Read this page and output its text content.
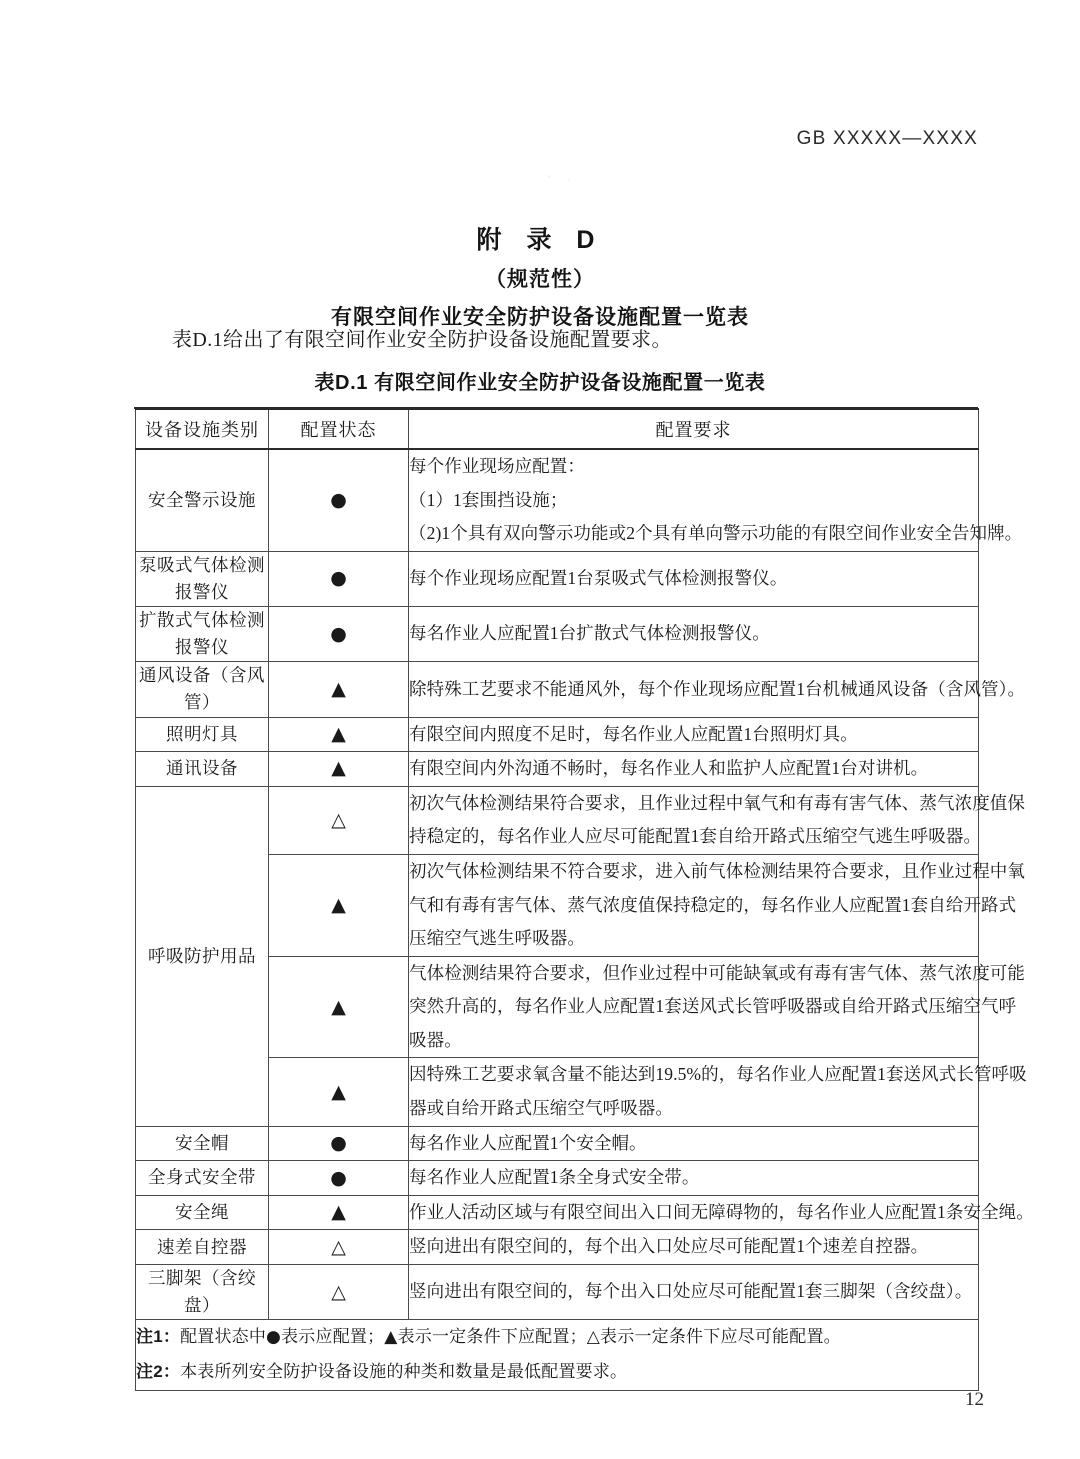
GB XXXXX—XXXX
附 录 D
（规范性）
有限空间作业安全防护设备设施配置一览表
表D.1给出了有限空间作业安全防护设备设施配置要求。
表D.1 有限空间作业安全防护设备设施配置一览表
设备设施类别	配置状态	配置要求
安全警示设施	●	每个作业现场应配置：
（1）1套围挡设施；
（2)1个具有双向警示功能或2个具有单向警示功能的有限空间作业安全告知牌。

泵吸式气体检测报警仪	●	每个作业现场应配置1台泵吸式气体检测报警仪。

扩散式气体检测报警仪	●	每名作业人应配置1台扩散式气体检测报警仪。

通风设备（含风管）	▲	除特殊工艺要求不能通风外，每个作业现场应配置1台机械通风设备（含风管）。

照明灯具	▲	有限空间内照度不足时，每名作业人应配置1台照明灯具。

通讯设备	▲	有限空间内外沟通不畅时，每名作业人和监护人应配置1台对讲机。

呼吸防护用品	△	初次气体检测结果符合要求，且作业过程中氧气和有毒有害气体、蒸气浓度值保
持稳定的，每名作业人应尽可能配置1套自给开路式压缩空气逃生呼吸器。

	▲	初次气体检测结果不符合要求，进入前气体检测结果符合要求，且作业过程中氧
气和有毒有害气体、蒸气浓度值保持稳定的，每名作业人应配置1套自给开路式
压缩空气逃生呼吸器。

	▲	气体检测结果符合要求，但作业过程中可能缺氧或有毒有害气体、蒸气浓度可能
突然升高的，每名作业人应配置1套送风式长管呼吸器或自给开路式压缩空气呼
吸器。

	▲	因特殊工艺要求氧含量不能达到19.5%的，每名作业人应配置1套送风式长管呼吸
器或自给开路式压缩空气呼吸器。

安全帽	●	每名作业人应配置1个安全帽。

全身式安全带	●	每名作业人应配置1条全身式安全带。

安全绳	▲	作业人活动区域与有限空间出入口间无障碍物的，每名作业人应配置1条安全绳。

速差自控器	△	竖向进出有限空间的，每个出入口处应尽可能配置1个速差自控器。

三脚架（含绞盘）	△	竖向进出有限空间的，每个出入口处应尽可能配置1套三脚架（含绞盘）。

注1：配置状态中●表示应配置；▲表示一定条件下应配置；△表示一定条件下应尽可能配置。
注2：本表所列安全防护设备设施的种类和数量是最低配置要求。		
12
